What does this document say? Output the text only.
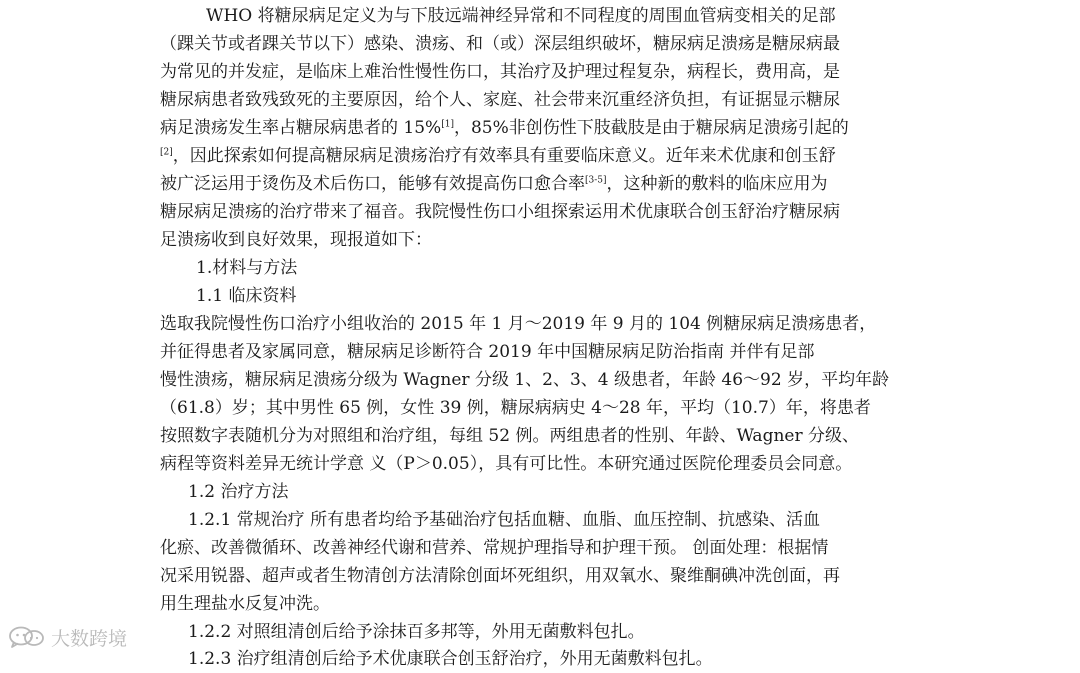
WHO 将糖尿病足定义为与下肢远端神经异常和不同程度的周围血管病变相关的足部
（踝关节或者踝关节以下）感染、溃疡、和（或）深层组织破坏，糖尿病足溃疡是糖尿病最
为常见的并发症，是临床上难治性慢性伤口，其治疗及护理过程复杂，病程长，费用高，是
糖尿病患者致残致死的主要原因，给个人、家庭、社会带来沉重经济负担，有证据显示糖尿
病足溃疡发生率占糖尿病患者的 15%[1]，85%非创伤性下肢截肢是由于糖尿病足溃疡引起的
[2]，因此探索如何提高糖尿病足溃疡治疗有效率具有重要临床意义。近年来术优康和创玉舒
被广泛运用于烫伤及术后伤口，能够有效提高伤口愈合率[3-5]，这种新的敷料的临床应用为
糖尿病足溃疡的治疗带来了福音。我院慢性伤口小组探索运用术优康联合创玉舒治疗糖尿病
足溃疡收到良好效果，现报道如下：
1.材料与方法
1.1 临床资料
选取我院慢性伤口治疗小组收治的 2015 年 1 月～2019 年 9 月的 104 例糖尿病足溃疡患者，
并征得患者及家属同意，糖尿病足诊断符合 2019 年中国糖尿病足防治指南 并伴有足部
慢性溃疡，糖尿病足溃疡分级为 Wagner 分级 1、2、3、4 级患者，年龄 46～92 岁，平均年龄
（61.8）岁；其中男性 65 例，女性 39 例，糖尿病病史 4～28 年，平均（10.7）年，将患者
按照数字表随机分为对照组和治疗组，每组 52 例。两组患者的性别、年龄、Wagner 分级、
病程等资料差异无统计学意 义（P＞0.05），具有可比性。本研究通过医院伦理委员会同意。
1.2 治疗方法
1.2.1 常规治疗 所有患者均给予基础治疗包括血糖、血脂、血压控制、抗感染、活血
化瘀、改善微循环、改善神经代谢和营养、常规护理指导和护理干预。 创面处理：根据情
况采用锐器、超声或者生物清创方法清除创面坏死组织，用双氧水、聚维酮碘冲洗创面，再
用生理盐水反复冲洗。
1.2.2 对照组清创后给予涂抹百多邦等，外用无菌敷料包扎。
1.2.3 治疗组清创后给予术优康联合创玉舒治疗，外用无菌敷料包扎。
大数跨境
